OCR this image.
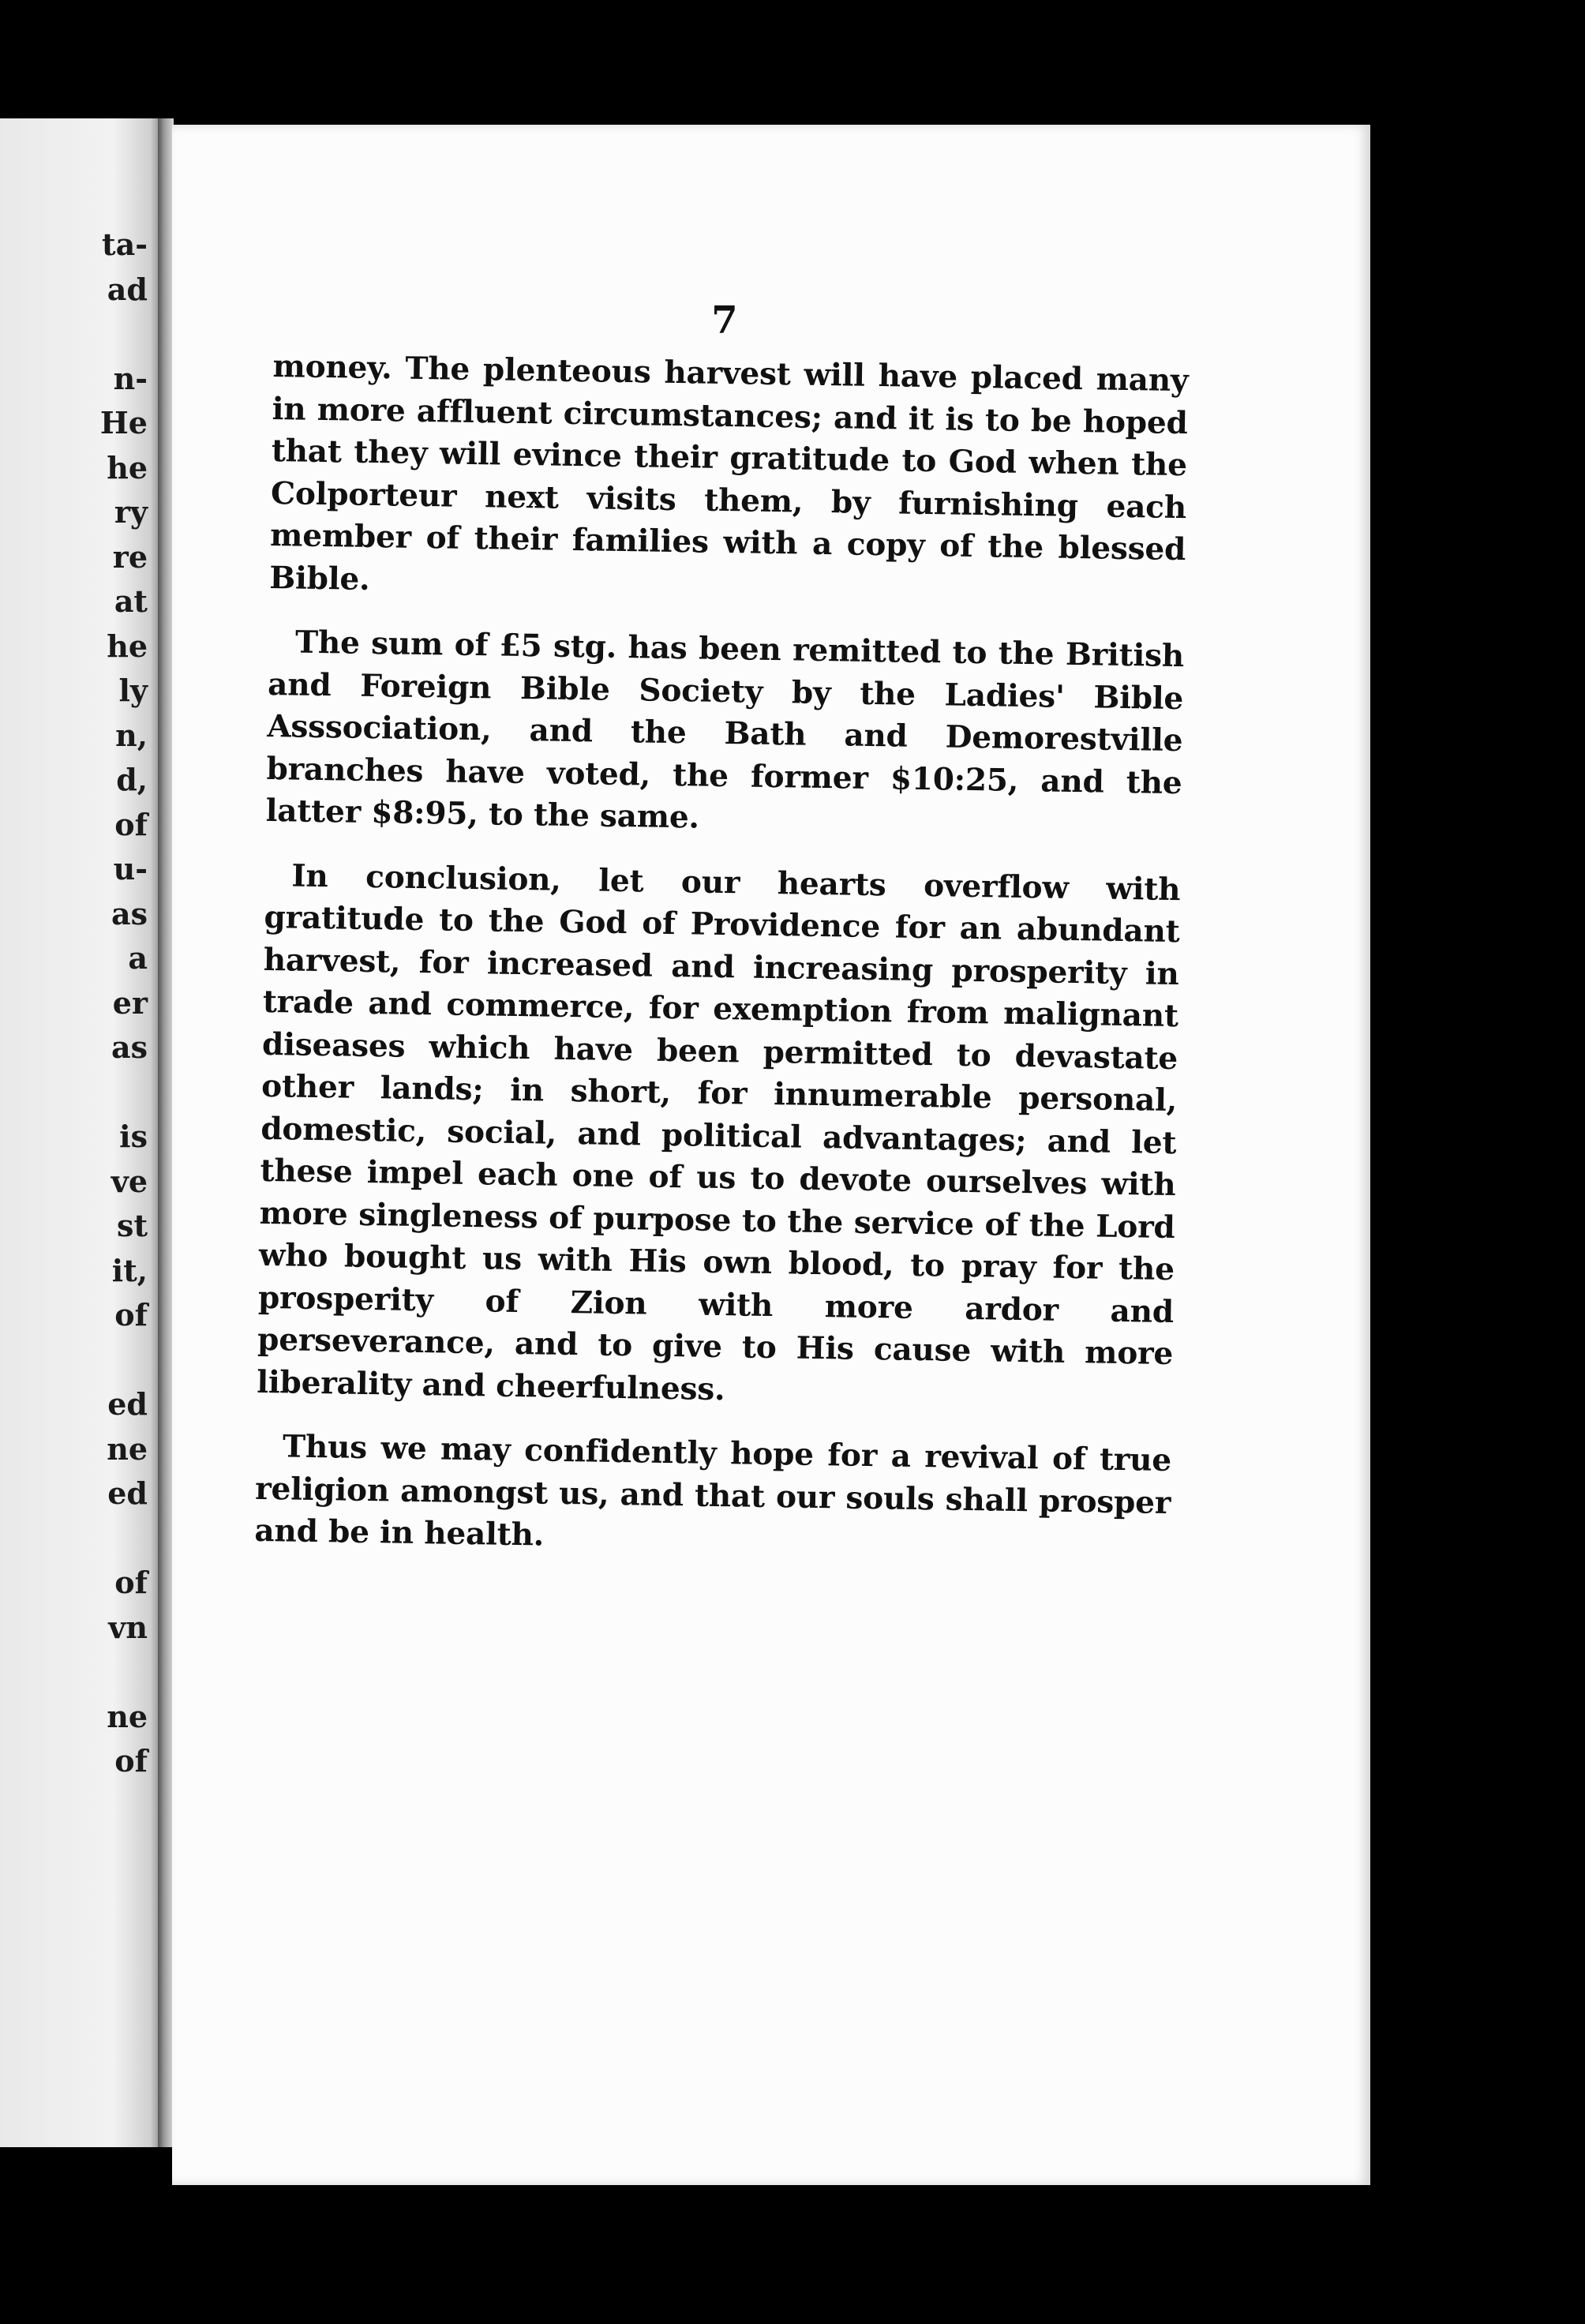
ta-
ad
n-
He
he
ry
re
at
he
ly
n,
d,
of
u-
as
a
er
as
is
ve
st
it,
of
ed
ne
ed
of
vn
ne
of
7

money. The plenteous harvest will have placed many in more affluent circumstances; and it is to be hoped that they will evince their gratitude to God when the Colporteur next visits them, by furnishing each member of their families with a copy of the blessed Bible.

The sum of £5 stg. has been remitted to the British and Foreign Bible Society by the Ladies' Bible Asssociation, and the Bath and Demorestville branches have voted, the former $10:25, and the latter $8:95, to the same.

In conclusion, let our hearts overflow with gratitude to the God of Providence for an abundant harvest, for increased and increasing prosperity in trade and commerce, for exemption from malignant diseases which have been permitted to devastate other lands; in short, for innumerable personal, domestic, social, and political advantages; and let these impel each one of us to devote ourselves with more singleness of purpose to the service of the Lord who bought us with His own blood, to pray for the prosperity of Zion with more ardor and perseverance, and to give to His cause with more liberality and cheerfulness.

Thus we may confidently hope for a revival of true religion amongst us, and that our souls shall prosper and be in health.
